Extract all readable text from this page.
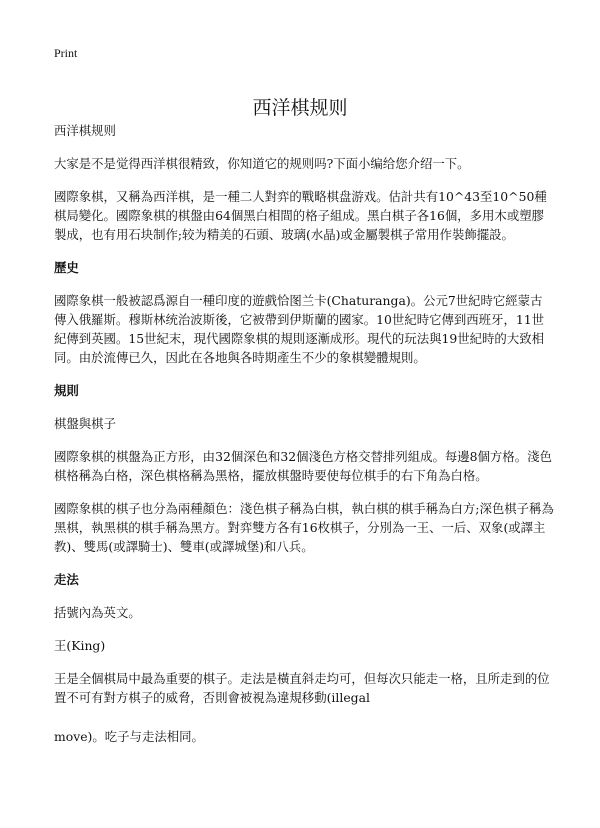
Print
西洋棋规则

西洋棋规则

大家是不是觉得西洋棋很精致，你知道它的规则吗?下面小编给您介绍一下。

國際象棋，又稱為西洋棋，是一種二人對弈的戰略棋盘游戏。估計共有10^43至10^50種棋局變化。國際象棋的棋盤由64個黑白相間的格子組成。黑白棋子各16個，多用木或塑膠製成，也有用石块制作;较为精美的石頭、玻璃(水晶)或金屬製棋子常用作裝飾擺設。

歷史

國際象棋一般被認爲源自一種印度的遊戲恰图兰卡(Chaturanga)。公元7世紀時它經蒙古傳入俄羅斯。穆斯林统治波斯後，它被帶到伊斯蘭的國家。10世紀時它傳到西班牙，11世紀傳到英國。15世紀末，現代國際象棋的規則逐漸成形。現代的玩法與19世紀時的大致相同。由於流傳已久，因此在各地與各時期產生不少的象棋變體規則。

規則

棋盤與棋子

國際象棋的棋盤為正方形，由32個深色和32個淺色方格交替排列組成。每邊8個方格。淺色棋格稱為白格，深色棋格稱為黑格，擺放棋盤時要使每位棋手的右下角為白格。

國際象棋的棋子也分為兩種顏色：淺色棋子稱為白棋，執白棋的棋手稱為白方;深色棋子稱為黑棋，執黑棋的棋手稱為黑方。對弈雙方各有16枚棋子，分別為一王、一后、双象(或譯主教)、雙馬(或譯騎士)、雙車(或譯城堡)和八兵。

走法

括號內為英文。

王(King)

王是全個棋局中最為重要的棋子。走法是橫直斜走均可，但每次只能走一格，且所走到的位置不可有對方棋子的威脅，否則會被視為違規移動(illegal

move)。吃子与走法相同。
